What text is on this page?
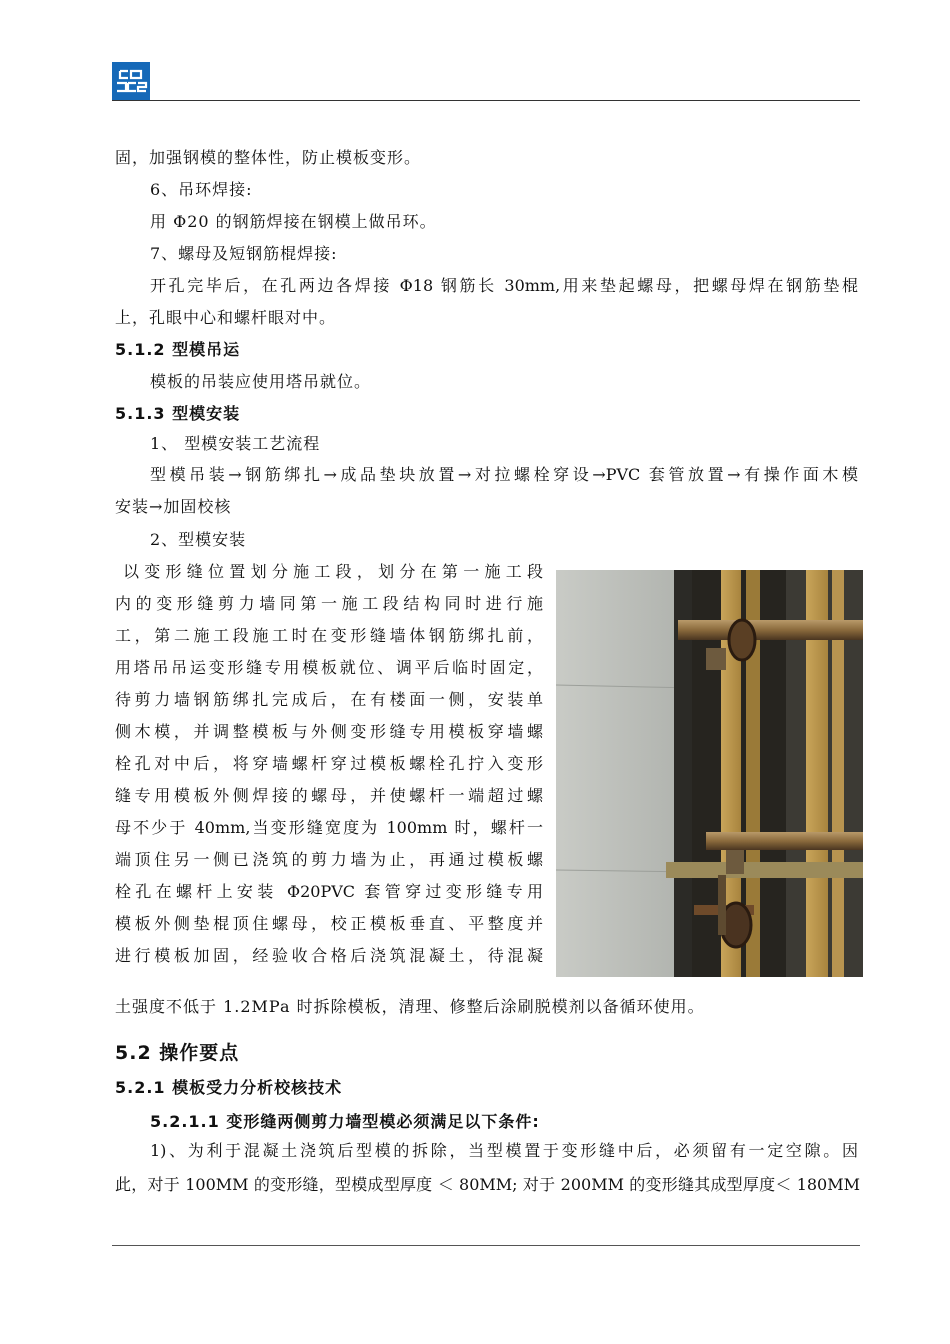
固，加强钢模的整体性，防止模板变形。
6、吊环焊接:
用 Φ20 的钢筋焊接在钢模上做吊环。
7、螺母及短钢筋棍焊接:
开孔完毕后，在孔两边各焊接 Φ18 钢筋长 30mm,用来垫起螺母，把螺母焊在钢筋垫棍
上，孔眼中心和螺杆眼对中。
5.1.2 型模吊运
模板的吊装应使用塔吊就位。
5.1.3 型模安装
1、 型模安装工艺流程
型模吊装→钢筋绑扎→成品垫块放置→对拉螺栓穿设→PVC 套管放置→有操作面木模
安装→加固校核
2、型模安装
以变形缝位置划分施工段，划分在第一施工段
内的变形缝剪力墙同第一施工段结构同时进行施
工，第二施工段施工时在变形缝墙体钢筋绑扎前，
用塔吊吊运变形缝专用模板就位、调平后临时固定，
待剪力墙钢筋绑扎完成后，在有楼面一侧，安装单
侧木模，并调整模板与外侧变形缝专用模板穿墙螺
栓孔对中后，将穿墙螺杆穿过模板螺栓孔拧入变形
缝专用模板外侧焊接的螺母，并使螺杆一端超过螺
母不少于 40mm,当变形缝宽度为 100mm 时，螺杆一
端顶住另一侧已浇筑的剪力墙为止，再通过模板螺
栓孔在螺杆上安装 Φ20PVC 套管穿过变形缝专用
模板外侧垫棍顶住螺母，校正模板垂直、平整度并
进行模板加固，经验收合格后浇筑混凝土，待混凝
土强度不低于 1.2MPa 时拆除模板，清理、修整后涂刷脱模剂以备循环使用。
5.2 操作要点
5.2.1 模板受力分析校核技术
5.2.1.1 变形缝两侧剪力墙型模必须满足以下条件:
1)、为利于混凝土浇筑后型模的拆除，当型模置于变形缝中后，必须留有一定空隙。因
此，对于 100MM 的变形缝，型模成型厚度 ＜ 80MM; 对于 200MM 的变形缝其成型厚度＜ 180MM
